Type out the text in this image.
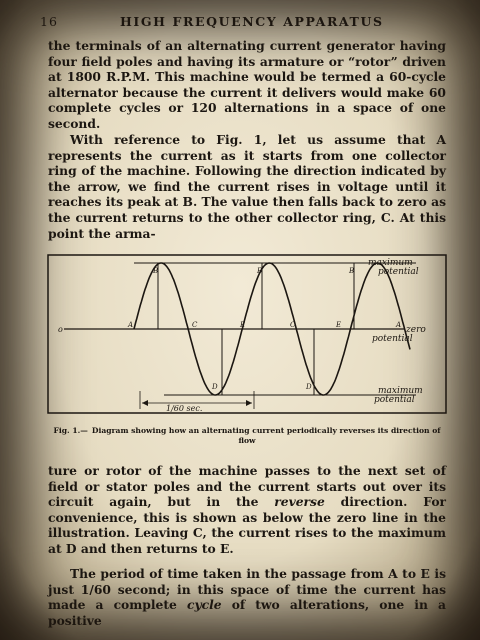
16	HIGH FREQUENCY APPARATUS
the terminals of an alternating current generator having four field poles and having its armature or “rotor” driven at 1800 R.P.M. This machine would be termed a 60-cycle alternator because the current it delivers would make 60 complete cycles or 120 alternations in a space of one second.
With reference to Fig. 1, let us assume that A represents the current as it starts from one collector ring of the machine. Following the direction indicated by the arrow, we find the current rises in voltage until it reaches its peak at B. The value then falls back to zero as the current returns to the other collector ring, C. At this point the arma-
o	A
B
C
D
E
B
C
D
E
B
A
maximum
potential
zero
potential
maximum
potential
1/60 sec.
Fig. 1.— Diagram showing how an alternating current periodically reverses its direction of flow
ture or rotor of the machine passes to the next set of field or stator poles and the current starts out over its circuit again, but in the reverse direction. For convenience, this is shown as below the zero line in the illustration. Leaving C, the current rises to the maximum at D and then returns to E.
The period of time taken in the passage from A to E is just 1/60 second; in this space of time the current has made a complete cycle of two alterations, one in a positive
